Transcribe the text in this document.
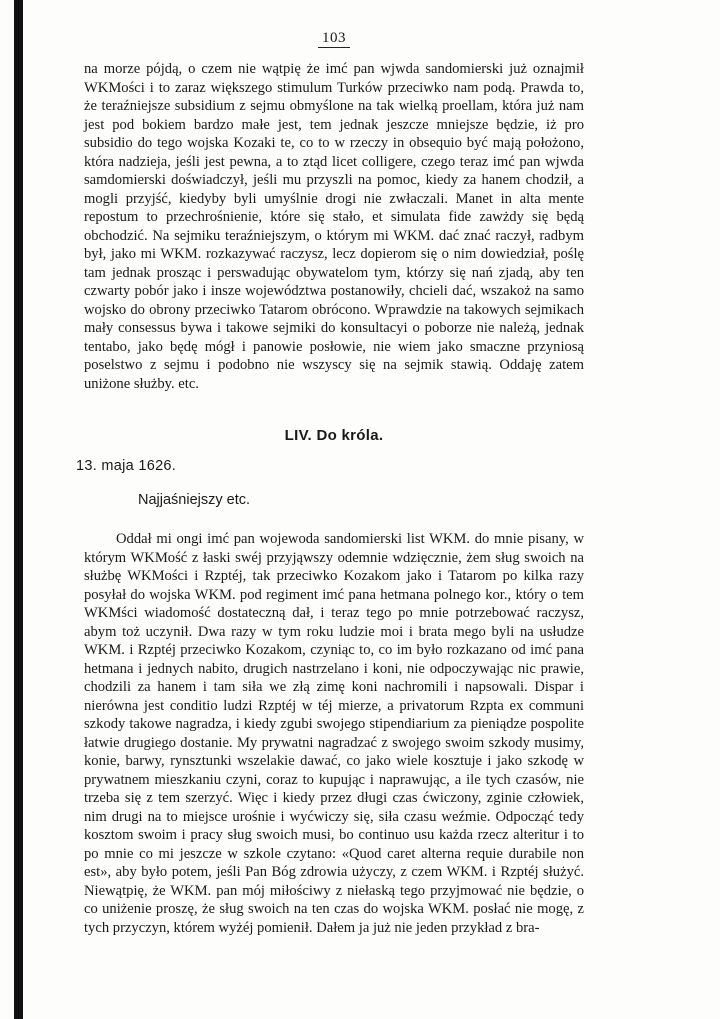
103

na morze pójdą, o czem nie wątpię że imć pan wjwda sandomierski już oznajmił WKMości i to zaraz większego stimulum Turków przeciwko nam podą. Prawda to, że teraźniejsze subsidium z sejmu obmyślone na tak wielką proellam, która już nam jest pod bokiem bardzo małe jest, tem jednak jeszcze mniejsze będzie, iż pro subsidio do tego wojska Kozaki te, co to w rzeczy in obsequio być mają położono, która nadzieja, jeśli jest pewna, a to ztąd licet colligere, czego teraz imć pan wjwda samdomierski doświadczył, jeśli mu przyszli na pomoc, kiedy za hanem chodził, a mogli przyjść, kiedyby byli umyślnie drogi nie zwłaczali. Manet in alta mente repostum to przechrośnienie, które się stało, et simulata fide zawżdy się będą obchodzić. Na sejmiku teraźniejszym, o którym mi WKM. dać znać raczył, radbym był, jako mi WKM. rozkazywać raczysz, lecz dopierom się o nim dowiedział, poślę tam jednak prosząc i perswadując obywatelom tym, którzy się nań zjadą, aby ten czwarty pobór jako i insze województwa postanowiły, chcieli dać, wszakoż na samo wojsko do obrony przeciwko Tatarom obrócono. Wprawdzie na takowych sejmikach mały consessus bywa i takowe sejmiki do konsultacyi o poborze nie należą, jednak tentabo, jako będę mógł i panowie posłowie, nie wiem jako smaczne przyniosą poselstwo z sejmu i podobno nie wszyscy się na sejmik stawią. Oddaję zatem uniżone służby. etc.

LIV. Do króla.
13. maja 1626.
Najjaśniejszy etc.

Oddał mi ongi imć pan wojewoda sandomierski list WKM. do mnie pisany, w którym WKMość z łaski swéj przyjąwszy odemnie wdzięcznie, żem sług swoich na służbę WKMości i Rzptéj, tak przeciwko Kozakom jako i Tatarom po kilka razy posyłał do wojska WKM. pod regiment imć pana hetmana polnego kor., który o tem WKMści wiadomość dostateczną dał, i teraz tego po mnie potrzebować raczysz, abym toż uczynił. Dwa razy w tym roku ludzie moi i brata mego byli na usłudze WKM. i Rzptéj przeciwko Kozakom, czyniąc to, co im było rozkazano od imć pana hetmana i jednych nabito, drugich nastrzelano i koni, nie odpoczywając nic prawie, chodzili za hanem i tam siła we złą zimę koni nachromili i napsowali. Dispar i nierówna jest conditio ludzi Rzptéj w téj mierze, a privatorum Rzpta ex communi szkody takowe nagradza, i kiedy zgubi swojego stipendiarium za pieniądze pospolite łatwie drugiego dostanie. My prywatni nagradzać z swojego swoim szkody musimy, konie, barwy, rynsztunki wszelakie dawać, co jako wiele kosztuje i jako szkodę w prywatnem mieszkaniu czyni, coraz to kupując i naprawując, a ile tych czasów, nie trzeba się z tem szerzyć. Więc i kiedy przez długi czas ćwiczony, zginie człowiek, nim drugi na to miejsce urośnie i wyćwiczy się, siła czasu weźmie. Odpocząć tedy kosztom swoim i pracy sług swoich musi, bo continuo usu każda rzecz alteritur i to po mnie co mi jeszcze w szkole czytano: «Quod caret alterna requie durabile non est», aby było potem, jeśli Pan Bóg zdrowia użyczy, z czem WKM. i Rzptéj służyć. Niewątpię, że WKM. pan mój miłościwy z niełaską tego przyjmować nie będzie, o co uniżenie proszę, że sług swoich na ten czas do wojska WKM. posłać nie mogę, z tych przyczyn, którem wyżéj pomienił. Dałem ja już nie jeden przykład z bra-
